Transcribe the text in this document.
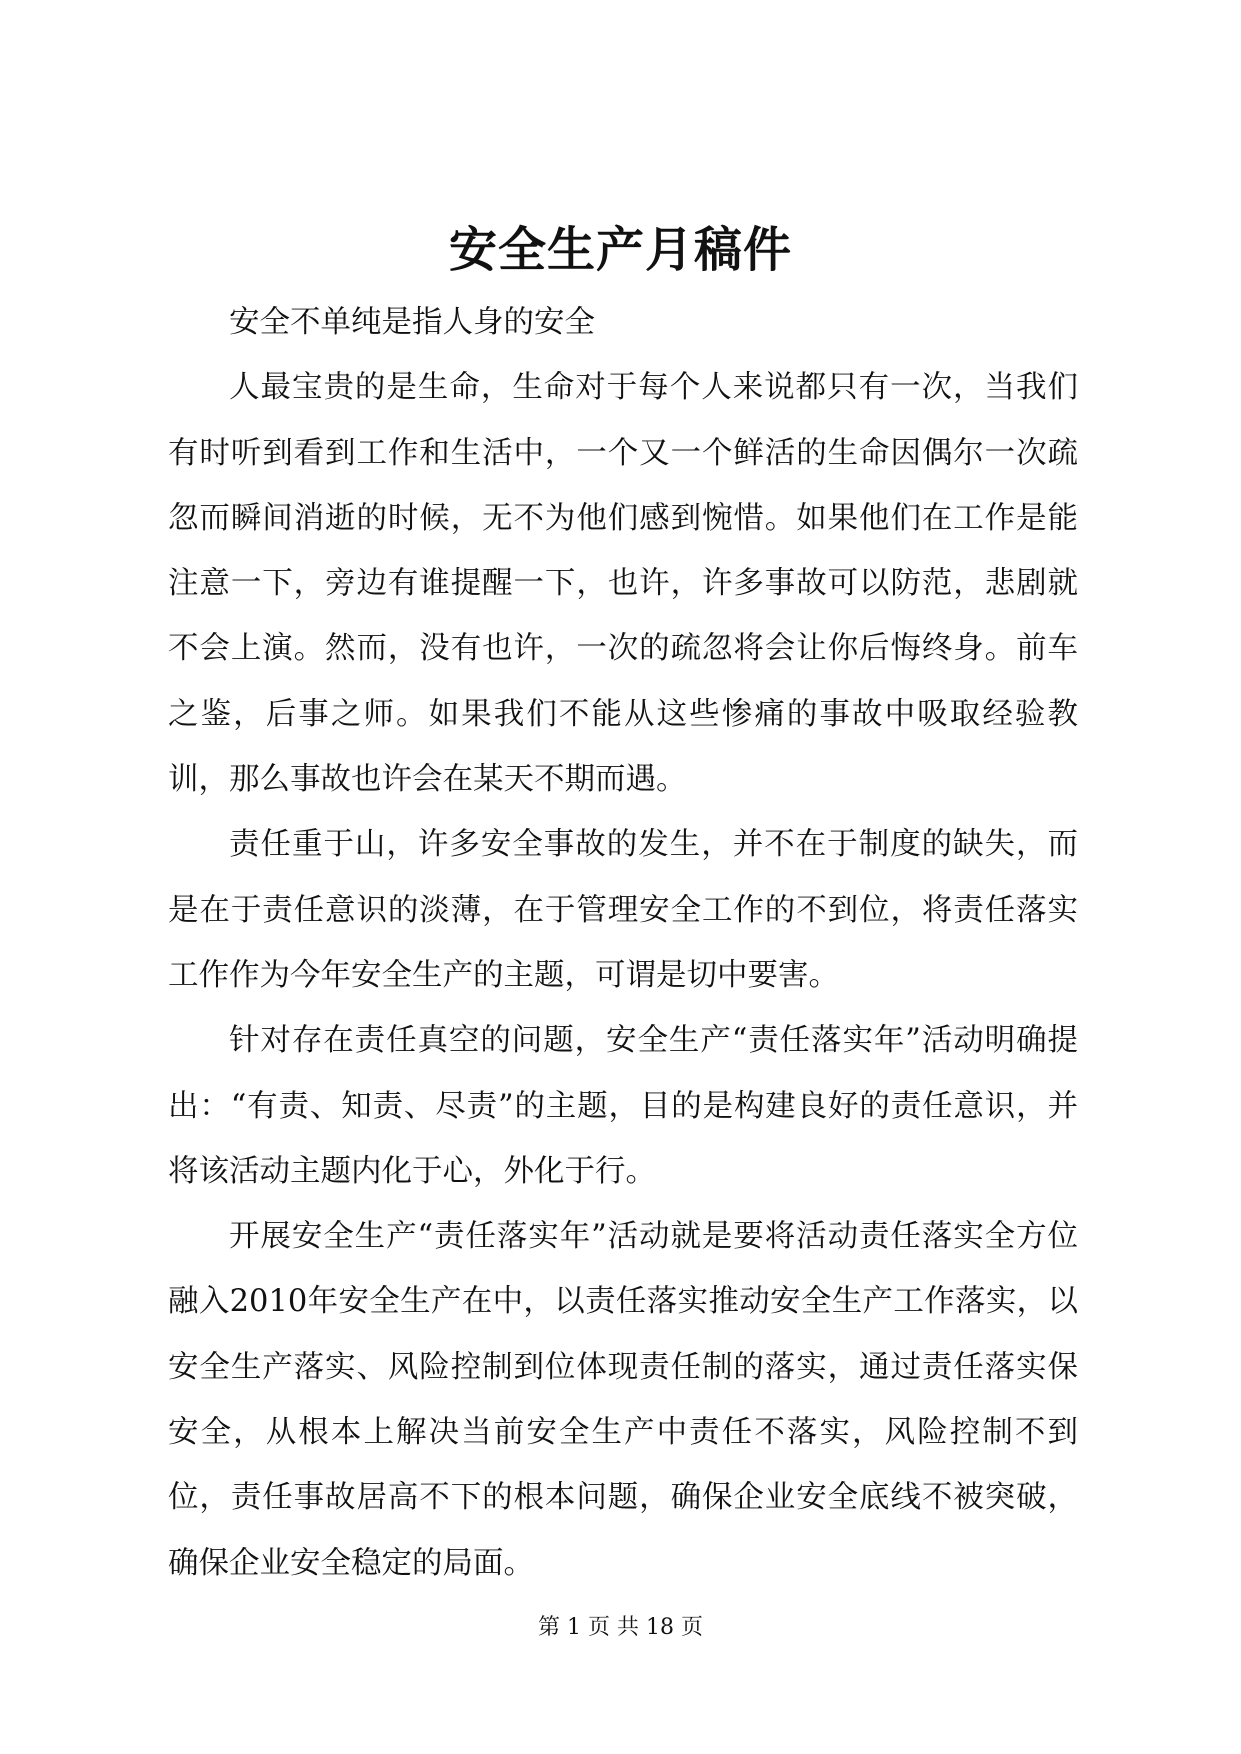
安全生产月稿件

安全不单纯是指人身的安全

人最宝贵的是生命，生命对于每个人来说都只有一次，当我们有时听到看到工作和生活中，一个又一个鲜活的生命因偶尔一次疏忽而瞬间消逝的时候，无不为他们感到惋惜。如果他们在工作是能注意一下，旁边有谁提醒一下，也许，许多事故可以防范，悲剧就不会上演。然而，没有也许，一次的疏忽将会让你后悔终身。前车之鉴，后事之师。如果我们不能从这些惨痛的事故中吸取经验教训，那么事故也许会在某天不期而遇。

责任重于山，许多安全事故的发生，并不在于制度的缺失，而是在于责任意识的淡薄，在于管理安全工作的不到位，将责任落实工作作为今年安全生产的主题，可谓是切中要害。

针对存在责任真空的问题，安全生产“责任落实年”活动明确提出：“有责、知责、尽责”的主题，目的是构建良好的责任意识，并将该活动主题内化于心，外化于行。

开展安全生产“责任落实年”活动就是要将活动责任落实全方位融入2010年安全生产在中，以责任落实推动安全生产工作落实，以安全生产落实、风险控制到位体现责任制的落实，通过责任落实保安全，从根本上解决当前安全生产中责任不落实，风险控制不到位，责任事故居高不下的根本问题，确保企业安全底线不被突破，确保企业安全稳定的局面。

第 1 页 共 18 页
